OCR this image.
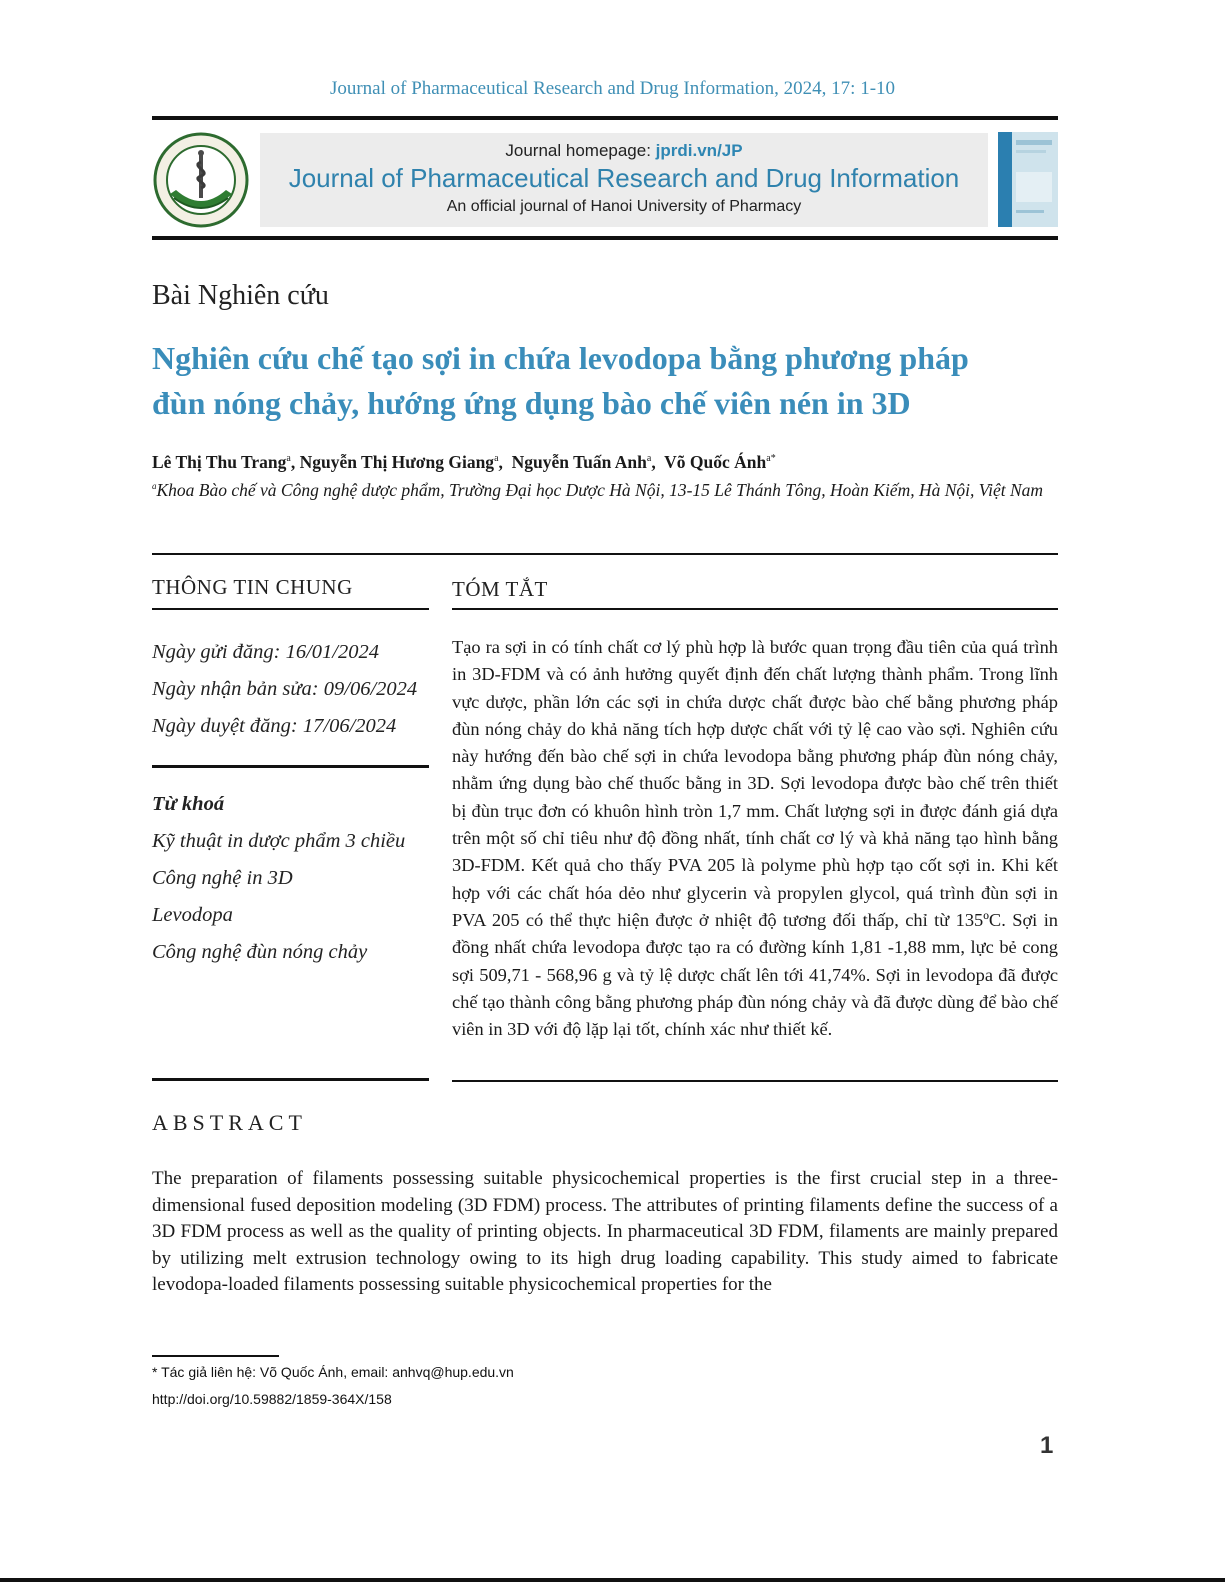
Journal of Pharmaceutical Research and Drug Information, 2024, 17: 1-10
Journal homepage: jprdi.vn/JP
Journal of Pharmaceutical Research and Drug Information
An official journal of Hanoi University of Pharmacy
Bài Nghiên cứu
Nghiên cứu chế tạo sợi in chứa levodopa bằng phương pháp
đùn nóng chảy, hướng ứng dụng bào chế viên nén in 3D
Lê Thị Thu Trang$^a$, Nguyễn Thị Hương Giang$^a$,  Nguyễn Tuấn Anh$^a$,  Võ Quốc Ánh$^{a*}$
$^a$Khoa Bào chế và Công nghệ dược phẩm, Trường Đại học Dược Hà Nội, 13-15 Lê Thánh Tông, Hoàn Kiếm, Hà Nội, Việt Nam
THÔNG TIN CHUNG
Ngày gửi đăng: 16/01/2024
Ngày nhận bản sửa: 09/06/2024
Ngày duyệt đăng: 17/06/2024
Từ khoá
Kỹ thuật in dược phẩm 3 chiều
Công nghệ in 3D
Levodopa
Công nghệ đùn nóng chảy
TÓM TẮT
Tạo ra sợi in có tính chất cơ lý phù hợp là bước quan trọng đầu tiên của quá trình in 3D-FDM và có ảnh hưởng quyết định đến chất lượng thành phẩm. Trong lĩnh vực dược, phần lớn các sợi in chứa dược chất được bào chế bằng phương pháp đùn nóng chảy do khả năng tích hợp dược chất với tỷ lệ cao vào sợi. Nghiên cứu này hướng đến bào chế sợi in chứa levodopa bằng phương pháp đùn nóng chảy, nhằm ứng dụng bào chế thuốc bằng in 3D. Sợi levodopa được bào chế trên thiết bị đùn trục đơn có khuôn hình tròn 1,7 mm. Chất lượng sợi in được đánh giá dựa trên một số chỉ tiêu như độ đồng nhất, tính chất cơ lý và khả năng tạo hình bằng 3D-FDM. Kết quả cho thấy PVA 205 là polyme phù hợp tạo cốt sợi in. Khi kết hợp với các chất hóa dẻo như glycerin và propylen glycol, quá trình đùn sợi in PVA 205 có thể thực hiện được ở nhiệt độ tương đối thấp, chỉ từ 135ºC. Sợi in đồng nhất chứa levodopa được tạo ra có đường kính 1,81 -1,88 mm, lực bẻ cong sợi 509,71 - 568,96 g và tỷ lệ dược chất lên tới 41,74%. Sợi in levodopa đã được chế tạo thành công bằng phương pháp đùn nóng chảy và đã được dùng để bào chế viên in 3D với độ lặp lại tốt, chính xác như thiết kế.
ABSTRACT
The preparation of filaments possessing suitable physicochemical properties is the first crucial step in a three-dimensional fused deposition modeling (3D FDM) process. The attributes of printing filaments define the success of a 3D FDM process as well as the quality of printing objects. In pharmaceutical 3D FDM, filaments are mainly prepared by utilizing melt extrusion technology owing to its high drug loading capability. This study aimed to fabricate levodopa-loaded filaments possessing suitable physicochemical properties for the
* Tác giả liên hệ: Võ Quốc Ánh, email: anhvq@hup.edu.vn
http://doi.org/10.59882/1859-364X/158
1
